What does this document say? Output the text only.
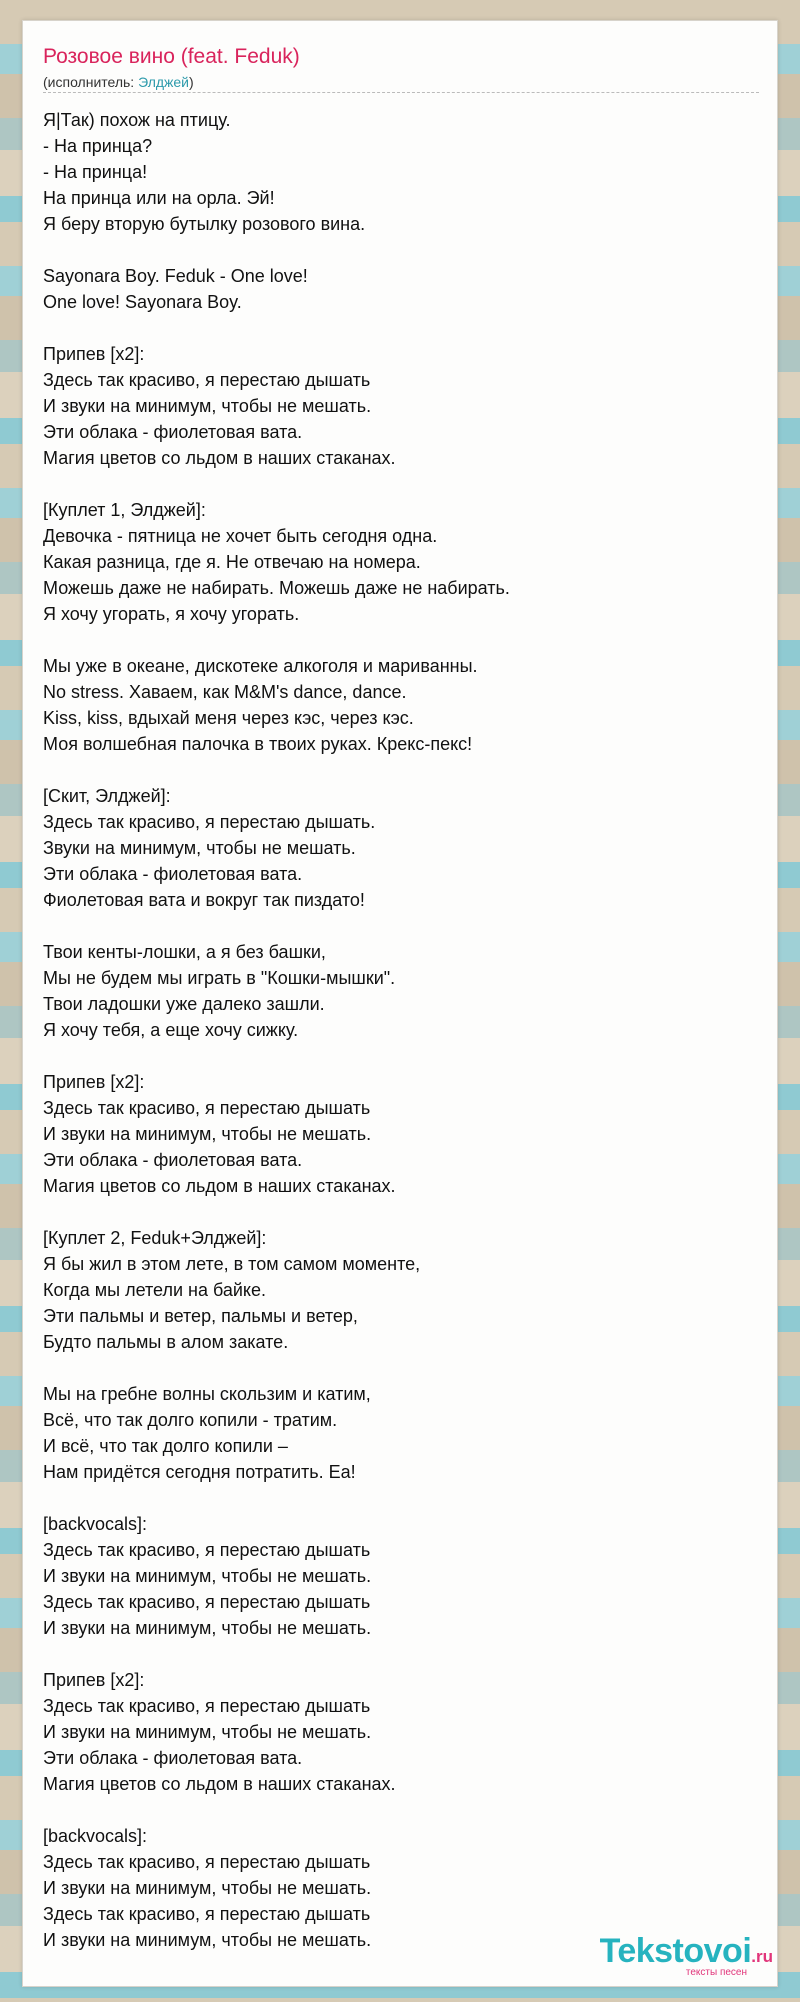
Розовое вино (feat. Feduk)
(исполнитель: Элджей)
Я|Так) похож на птицу.
- На принца?
- На принца!
На принца или на орла. Эй!
Я беру вторую бутылку розового вина.
Sayonara Boy. Feduk - One love!
One love! Sayonara Boy.
Припев [x2]:
Здесь так красиво, я перестаю дышать
И звуки на минимум, чтобы не мешать.
Эти облака - фиолетовая вата.
Магия цветов со льдом в наших стаканах.
[Куплет 1, Элджей]:
Девочка - пятница не хочет быть сегодня одна.
Какая разница, где я. Не отвечаю на номера.
Можешь даже не набирать. Можешь даже не набирать.
Я хочу угорать, я хочу угорать.
Мы уже в океане, дискотеке алкоголя и мариванны.
No stress. Хаваем, как M&M's dance, dance.
Kiss, kiss, вдыхай меня через кэс, через кэс.
Моя волшебная палочка в твоих руках. Крекс-пекс!
[Скит, Элджей]:
Здесь так красиво, я перестаю дышать.
Звуки на минимум, чтобы не мешать.
Эти облака - фиолетовая вата.
Фиолетовая вата и вокруг так пиздато!
Твои кенты-лошки, а я без башки,
Мы не будем мы играть в "Кошки-мышки".
Твои ладошки уже далеко зашли.
Я хочу тебя, а еще хочу сижку.
Припев [x2]:
Здесь так красиво, я перестаю дышать
И звуки на минимум, чтобы не мешать.
Эти облака - фиолетовая вата.
Магия цветов со льдом в наших стаканах.
[Куплет 2, Feduk+Элджей]:
Я бы жил в этом лете, в том самом моменте,
Когда мы летели на байке.
Эти пальмы и ветер, пальмы и ветер,
Будто пальмы в алом закате.
Мы на гребне волны скользим и катим,
Всё, что так долго копили - тратим.
И всё, что так долго копили –
Нам придётся сегодня потратить. Еа!
[backvocals]:
Здесь так красиво, я перестаю дышать
И звуки на минимум, чтобы не мешать.
Здесь так красиво, я перестаю дышать
И звуки на минимум, чтобы не мешать.
Припев [x2]:
Здесь так красиво, я перестаю дышать
И звуки на минимум, чтобы не мешать.
Эти облака - фиолетовая вата.
Магия цветов со льдом в наших стаканах.
[backvocals]:
Здесь так красиво, я перестаю дышать
И звуки на минимум, чтобы не мешать.
Здесь так красиво, я перестаю дышать
И звуки на минимум, чтобы не мешать.	Tekstovoi.ru
тексты песен
